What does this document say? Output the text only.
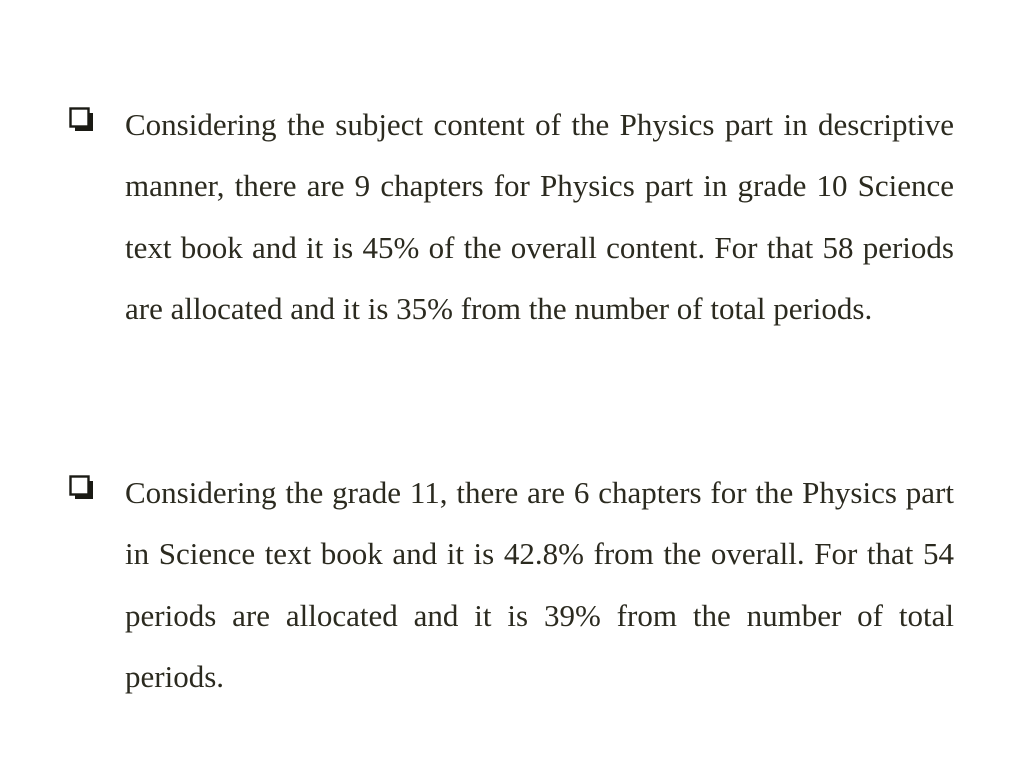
Considering the subject content of the Physics part in descriptive manner, there are 9 chapters for Physics part in grade 10 Science text book and it is 45% of the overall content. For that 58 periods are allocated and it is 35% from the number of total periods.

Considering the grade 11, there are 6 chapters for the Physics part in Science text book and it is 42.8% from the overall. For that 54 periods are allocated and it is 39% from the number of total periods.
